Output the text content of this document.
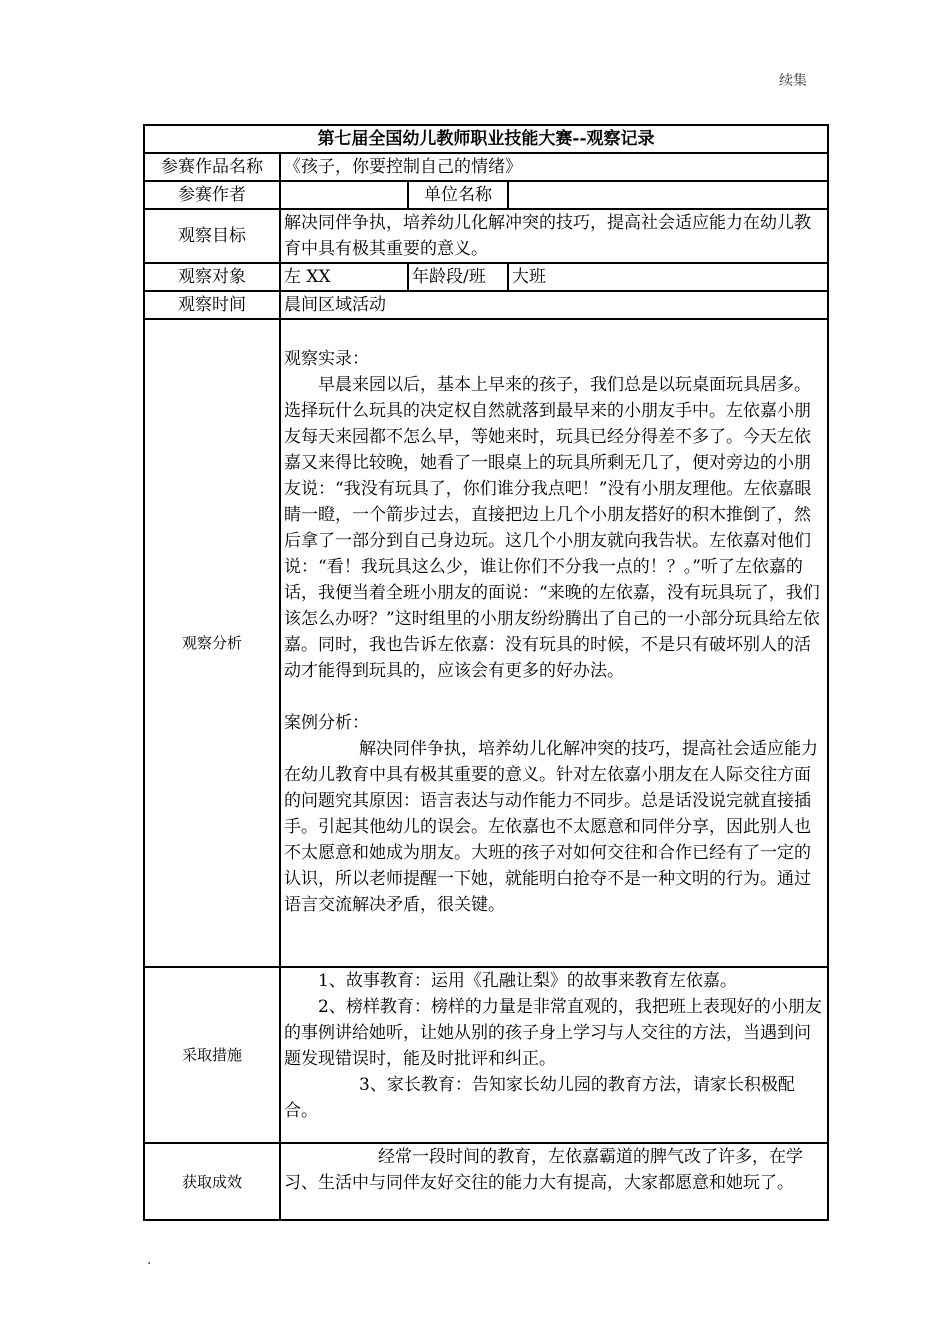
续集
第七届全国幼儿教师职业技能大赛--观察记录			
参赛作品名称	《孩子，你要控制自己的情绪》		
参赛作者		单位名称	
观察目标	解决同伴争执，培养幼儿化解冲突的技巧，提高社会适应能力在幼儿教育中具有极其重要的意义。		
观察对象	左 XX	年龄段/班	大班
观察时间	晨间区域活动		
观察分析	观察实录：

早晨来园以后，基本上早来的孩子，我们总是以玩桌面玩具居多。选择玩什么玩具的决定权自然就落到最早来的小朋友手中。左依嘉小朋友每天来园都不怎么早，等她来时，玩具已经分得差不多了。今天左依嘉又来得比较晚，她看了一眼桌上的玩具所剩无几了，便对旁边的小朋友说：“我没有玩具了，你们谁分我点吧！”没有小朋友理他。左依嘉眼睛一瞪，一个箭步过去，直接把边上几个小朋友搭好的积木推倒了，然后拿了一部分到自己身边玩。这几个小朋友就向我告状。左依嘉对他们说：“看！我玩具这么少，谁让你们不分我一点的！？。”听了左依嘉的话，我便当着全班小朋友的面说：“来晚的左依嘉，没有玩具玩了，我们该怎么办呀？”这时组里的小朋友纷纷腾出了自己的一小部分玩具给左依嘉。同时，我也告诉左依嘉：没有玩具的时候，不是只有破坏别人的活动才能得到玩具的，应该会有更多的好办法。

案例分析：

解决同伴争执，培养幼儿化解冲突的技巧，提高社会适应能力在幼儿教育中具有极其重要的意义。针对左依嘉小朋友在人际交往方面的问题究其原因：语言表达与动作能力不同步。总是话没说完就直接插手。引起其他幼儿的误会。左依嘉也不太愿意和同伴分享，因此别人也不太愿意和她成为朋友。大班的孩子对如何交往和合作已经有了一定的认识，所以老师提醒一下她，就能明白抢夺不是一种文明的行为。通过语言交流解决矛盾，很关键。		

采取措施	1、故事教育：运用《孔融让梨》的故事来教育左依嘉。

2、榜样教育：榜样的力量是非常直观的，我把班上表现好的小朋友的事例讲给她听，让她从别的孩子身上学习与人交往的方法，当遇到问题发现错误时，能及时批评和纠正。

3、家长教育：告知家长幼儿园的教育方法，请家长积极配合。		

获取成效	经常一段时间的教育，左依嘉霸道的脾气改了许多，在学习、生活中与同伴友好交往的能力大有提高，大家都愿意和她玩了。		

.
